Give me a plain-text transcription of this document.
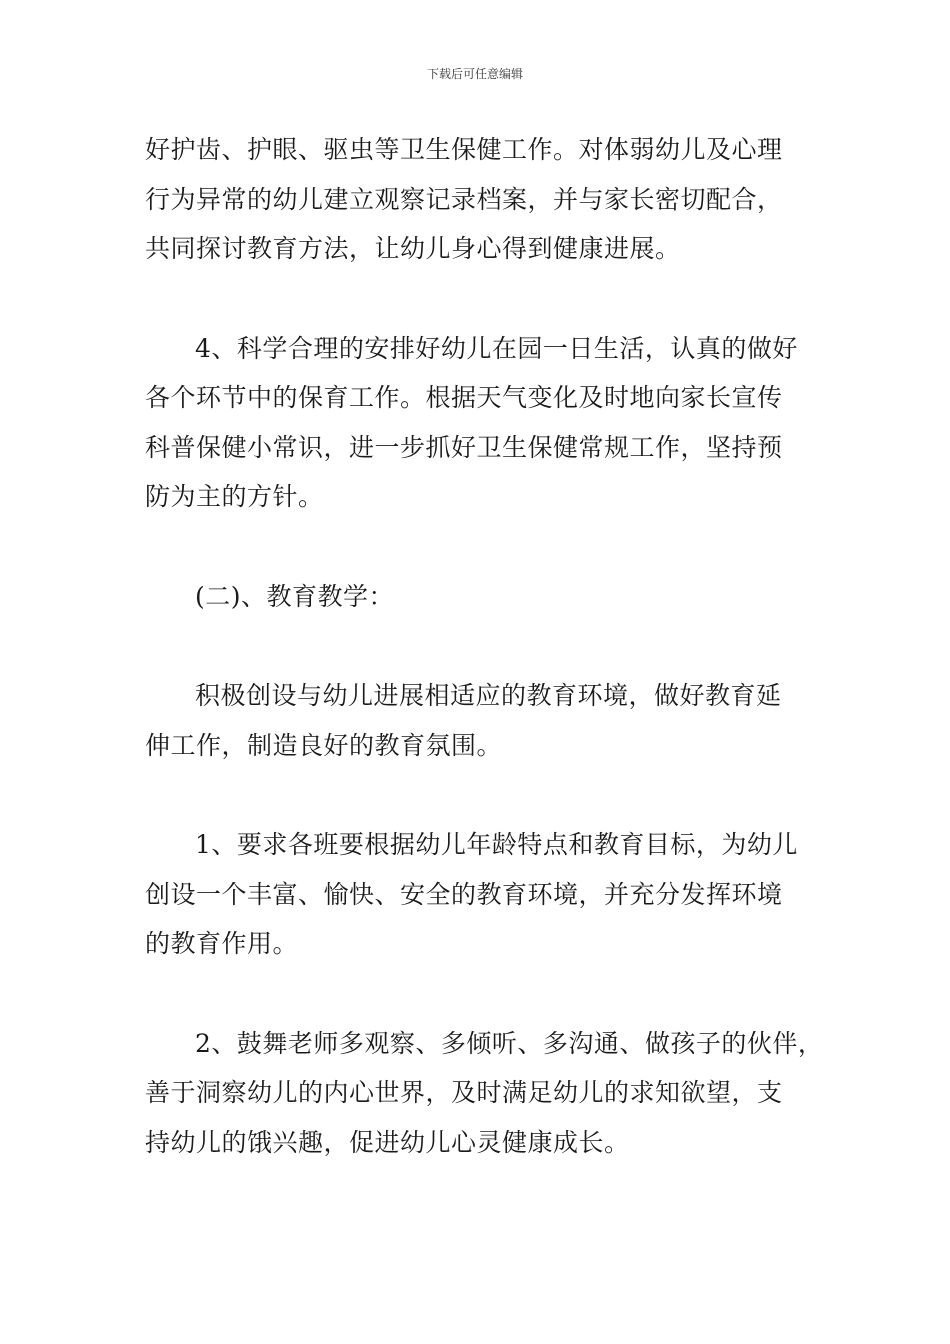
下载后可任意编辑
好护齿、护眼、驱虫等卫生保健工作。对体弱幼儿及心理
行为异常的幼儿建立观察记录档案，并与家长密切配合，
共同探讨教育方法，让幼儿身心得到健康进展。
4、科学合理的安排好幼儿在园一日生活，认真的做好
各个环节中的保育工作。根据天气变化及时地向家长宣传
科普保健小常识，进一步抓好卫生保健常规工作，坚持预
防为主的方针。
(二)、教育教学：
积极创设与幼儿进展相适应的教育环境，做好教育延
伸工作，制造良好的教育氛围。
1、要求各班要根据幼儿年龄特点和教育目标，为幼儿
创设一个丰富、愉快、安全的教育环境，并充分发挥环境
的教育作用。
2、鼓舞老师多观察、多倾听、多沟通、做孩子的伙伴，
善于洞察幼儿的内心世界，及时满足幼儿的求知欲望，支
持幼儿的饿兴趣，促进幼儿心灵健康成长。
